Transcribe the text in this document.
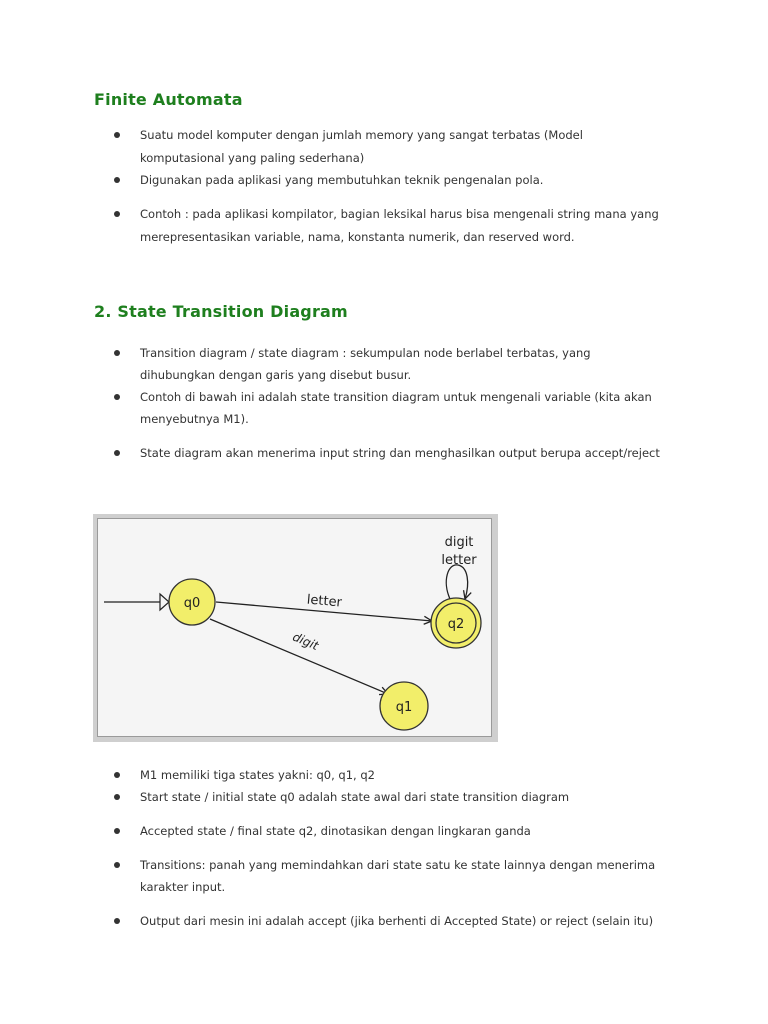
Finite Automata
Suatu model komputer dengan jumlah memory yang sangat terbatas (Model
komputasional yang paling sederhana)
Digunakan pada aplikasi yang membutuhkan teknik pengenalan pola.
Contoh : pada aplikasi kompilator, bagian leksikal harus bisa mengenali string mana yang
merepresentasikan variable, nama, konstanta numerik, dan reserved word.
2. State Transition Diagram
Transition diagram / state diagram : sekumpulan node berlabel terbatas, yang
dihubungkan dengan garis yang disebut busur.
Contoh di bawah ini adalah state transition diagram untuk mengenali variable (kita akan
menyebutnya M1).
State diagram akan menerima input string dan menghasilkan output berupa accept/reject
q0
q2
q1
letter
digit
digit
letter
M1 memiliki tiga states yakni: q0, q1, q2
Start state / initial state q0 adalah state awal dari state transition diagram
Accepted state / final state q2, dinotasikan dengan lingkaran ganda
Transitions: panah yang memindahkan dari state satu ke state lainnya dengan menerima
karakter input.
Output dari mesin ini adalah accept (jika berhenti di Accepted State) or reject (selain itu)
